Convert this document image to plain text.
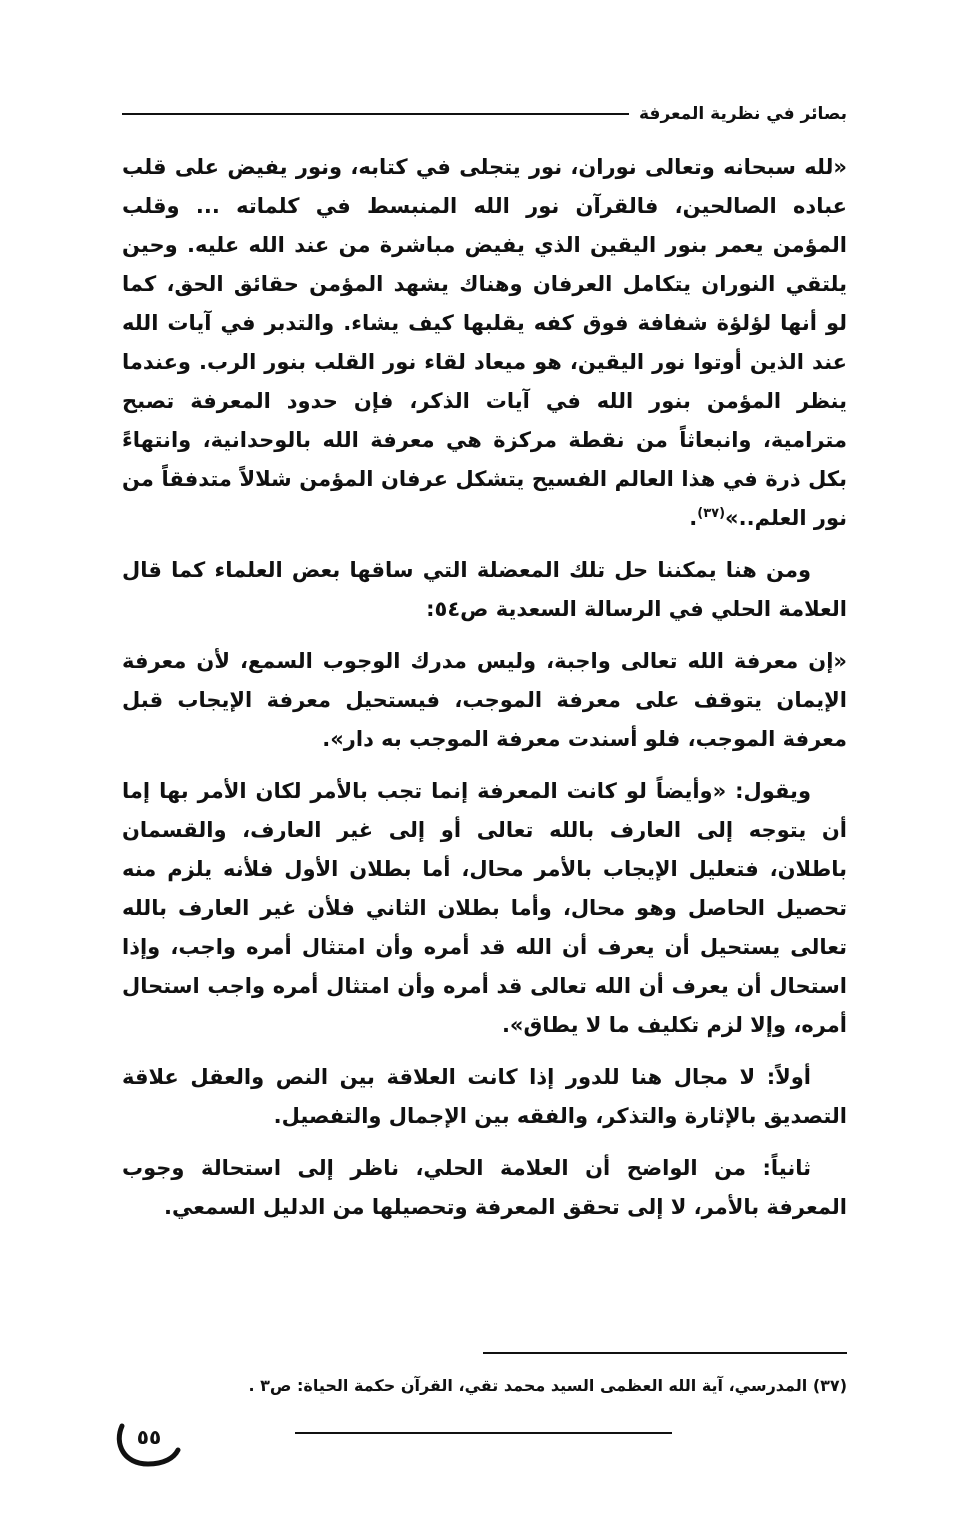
بصائر في نظرية المعرفة

«لله سبحانه وتعالى نوران، نور يتجلى في كتابه، ونور يفيض على قلب عباده الصالحين، فالقرآن نور الله المنبسط في كلماته ... وقلب المؤمن يعمر بنور اليقين الذي يفيض مباشرة من عند الله عليه. وحين يلتقي النوران يتكامل العرفان وهناك يشهد المؤمن حقائق الحق، كما لو أنها لؤلؤة شفافة فوق كفه يقلبها كيف يشاء. والتدبر في آيات الله عند الذين أوتوا نور اليقين، هو ميعاد لقاء نور القلب بنور الرب. وعندما ينظر المؤمن بنور الله في آيات الذكر، فإن حدود المعرفة تصبح مترامية، وانبعاثاً من نقطة مركزة هي معرفة الله بالوحدانية، وانتهاءً بكل ذرة في هذا العالم الفسيح يتشكل عرفان المؤمن شلالاً متدفقاً من نور العلم..»$^{(٣٧)}$.

ومن هنا يمكننا حل تلك المعضلة التي ساقها بعض العلماء كما قال العلامة الحلي في الرسالة السعدية ص٥٤:

«إن معرفة الله تعالى واجبة، وليس مدرك الوجوب السمع، لأن معرفة الإيمان يتوقف على معرفة الموجب، فيستحيل معرفة الإيجاب قبل معرفة الموجب، فلو أسندت معرفة الموجب به دار».

ويقول: «وأيضاً لو كانت المعرفة إنما تجب بالأمر لكان الأمر بها إما أن يتوجه إلى العارف بالله تعالى أو إلى غير العارف، والقسمان باطلان، فتعليل الإيجاب بالأمر محال، أما بطلان الأول فلأنه يلزم منه تحصيل الحاصل وهو محال، وأما بطلان الثاني فلأن غير العارف بالله تعالى يستحيل أن يعرف أن الله قد أمره وأن امتثال أمره واجب، وإذا استحال أن يعرف أن الله تعالى قد أمره وأن امتثال أمره واجب استحال أمره، وإلا لزم تكليف ما لا يطاق».

أولاً: لا مجال هنا للدور إذا كانت العلاقة بين النص والعقل علاقة التصديق بالإثارة والتذكر، والفقه بين الإجمال والتفصيل.

ثانياً: من الواضح أن العلامة الحلي، ناظر إلى استحالة وجوب المعرفة بالأمر، لا إلى تحقق المعرفة وتحصيلها من الدليل السمعي.

(٣٧) المدرسي، آية الله العظمى السيد محمد تقي، القرآن حكمة الحياة: ص٣ .

٥٥
